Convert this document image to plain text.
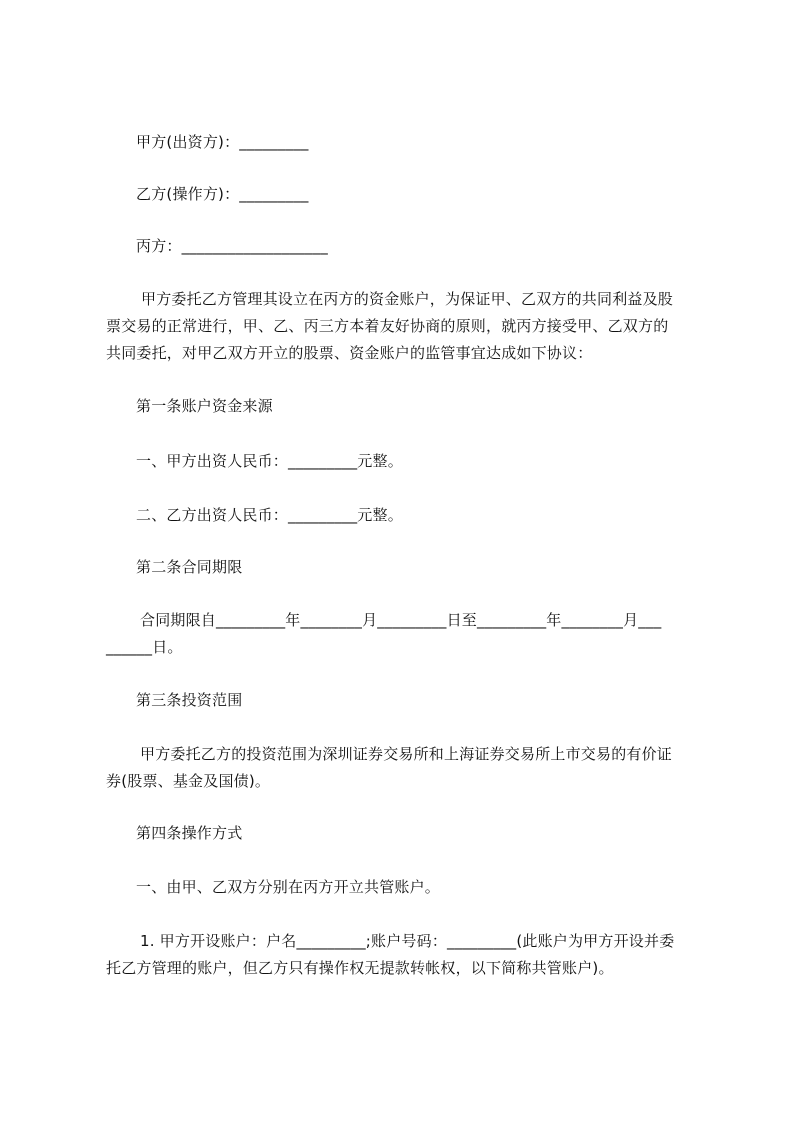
甲方(出资方)：_________
乙方(操作方)：_________
丙方：___________________
甲方委托乙方管理其设立在丙方的资金账户，为保证甲、乙双方的共同利益及股
票交易的正常进行，甲、乙、丙三方本着友好协商的原则，就丙方接受甲、乙双方的
共同委托，对甲乙双方开立的股票、资金账户的监管事宜达成如下协议：
第一条账户资金来源
一、甲方出资人民币：_________元整。
二、乙方出资人民币：_________元整。
第二条合同期限
合同期限自_________年________月_________日至_________年________月___
______日。
第三条投资范围
甲方委托乙方的投资范围为深圳证券交易所和上海证券交易所上市交易的有价证
券(股票、基金及国债)。
第四条操作方式
一、由甲、乙双方分别在丙方开立共管账户。
1. 甲方开设账户：户名_________;账户号码：_________(此账户为甲方开设并委
托乙方管理的账户，但乙方只有操作权无提款转帐权，以下简称共管账户)。
